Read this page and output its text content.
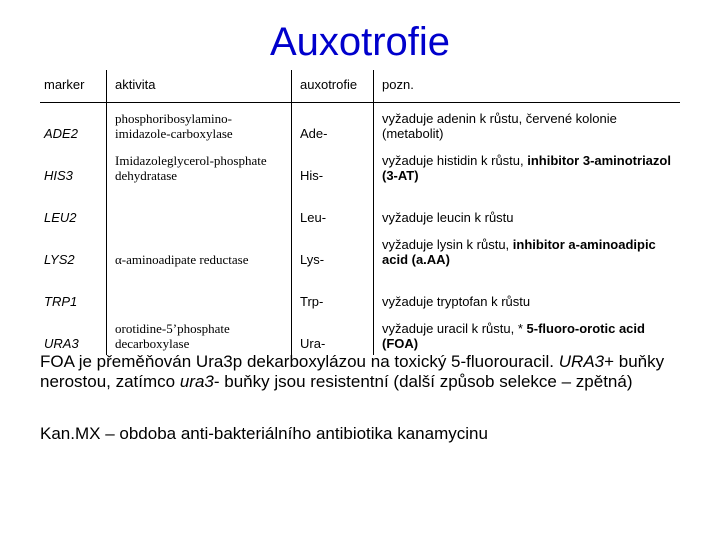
Auxotrofie
marker	aktivita	auxotrofie	pozn.
ADE2	phosphoribosylamino-imidazole-carboxylase	Ade-	vyžaduje adenin k růstu, červené kolonie (metabolit)
HIS3	Imidazoleglycerol-phosphate dehydratase	His-	vyžaduje histidin k růstu, inhibitor 3-aminotriazol (3-AT)
LEU2		Leu-	vyžaduje leucin k růstu
LYS2	α-aminoadipate reductase	Lys-	vyžaduje lysin k růstu, inhibitor a-aminoadipic acid (a.AA)
TRP1		Trp-	vyžaduje tryptofan k růstu
URA3	orotidine-5’phosphate decarboxylase	Ura-	vyžaduje uracil k růstu, * 5-fluoro-orotic acid (FOA)

FOA je přeměňován Ura3p dekarboxylázou na toxický 5-fluorouracil. URA3+ buňky nerostou, zatímco ura3- buňky jsou resistentní (další způsob selekce – zpětná)

Kan.MX – obdoba anti-bakteriálního antibiotika kanamycinu
